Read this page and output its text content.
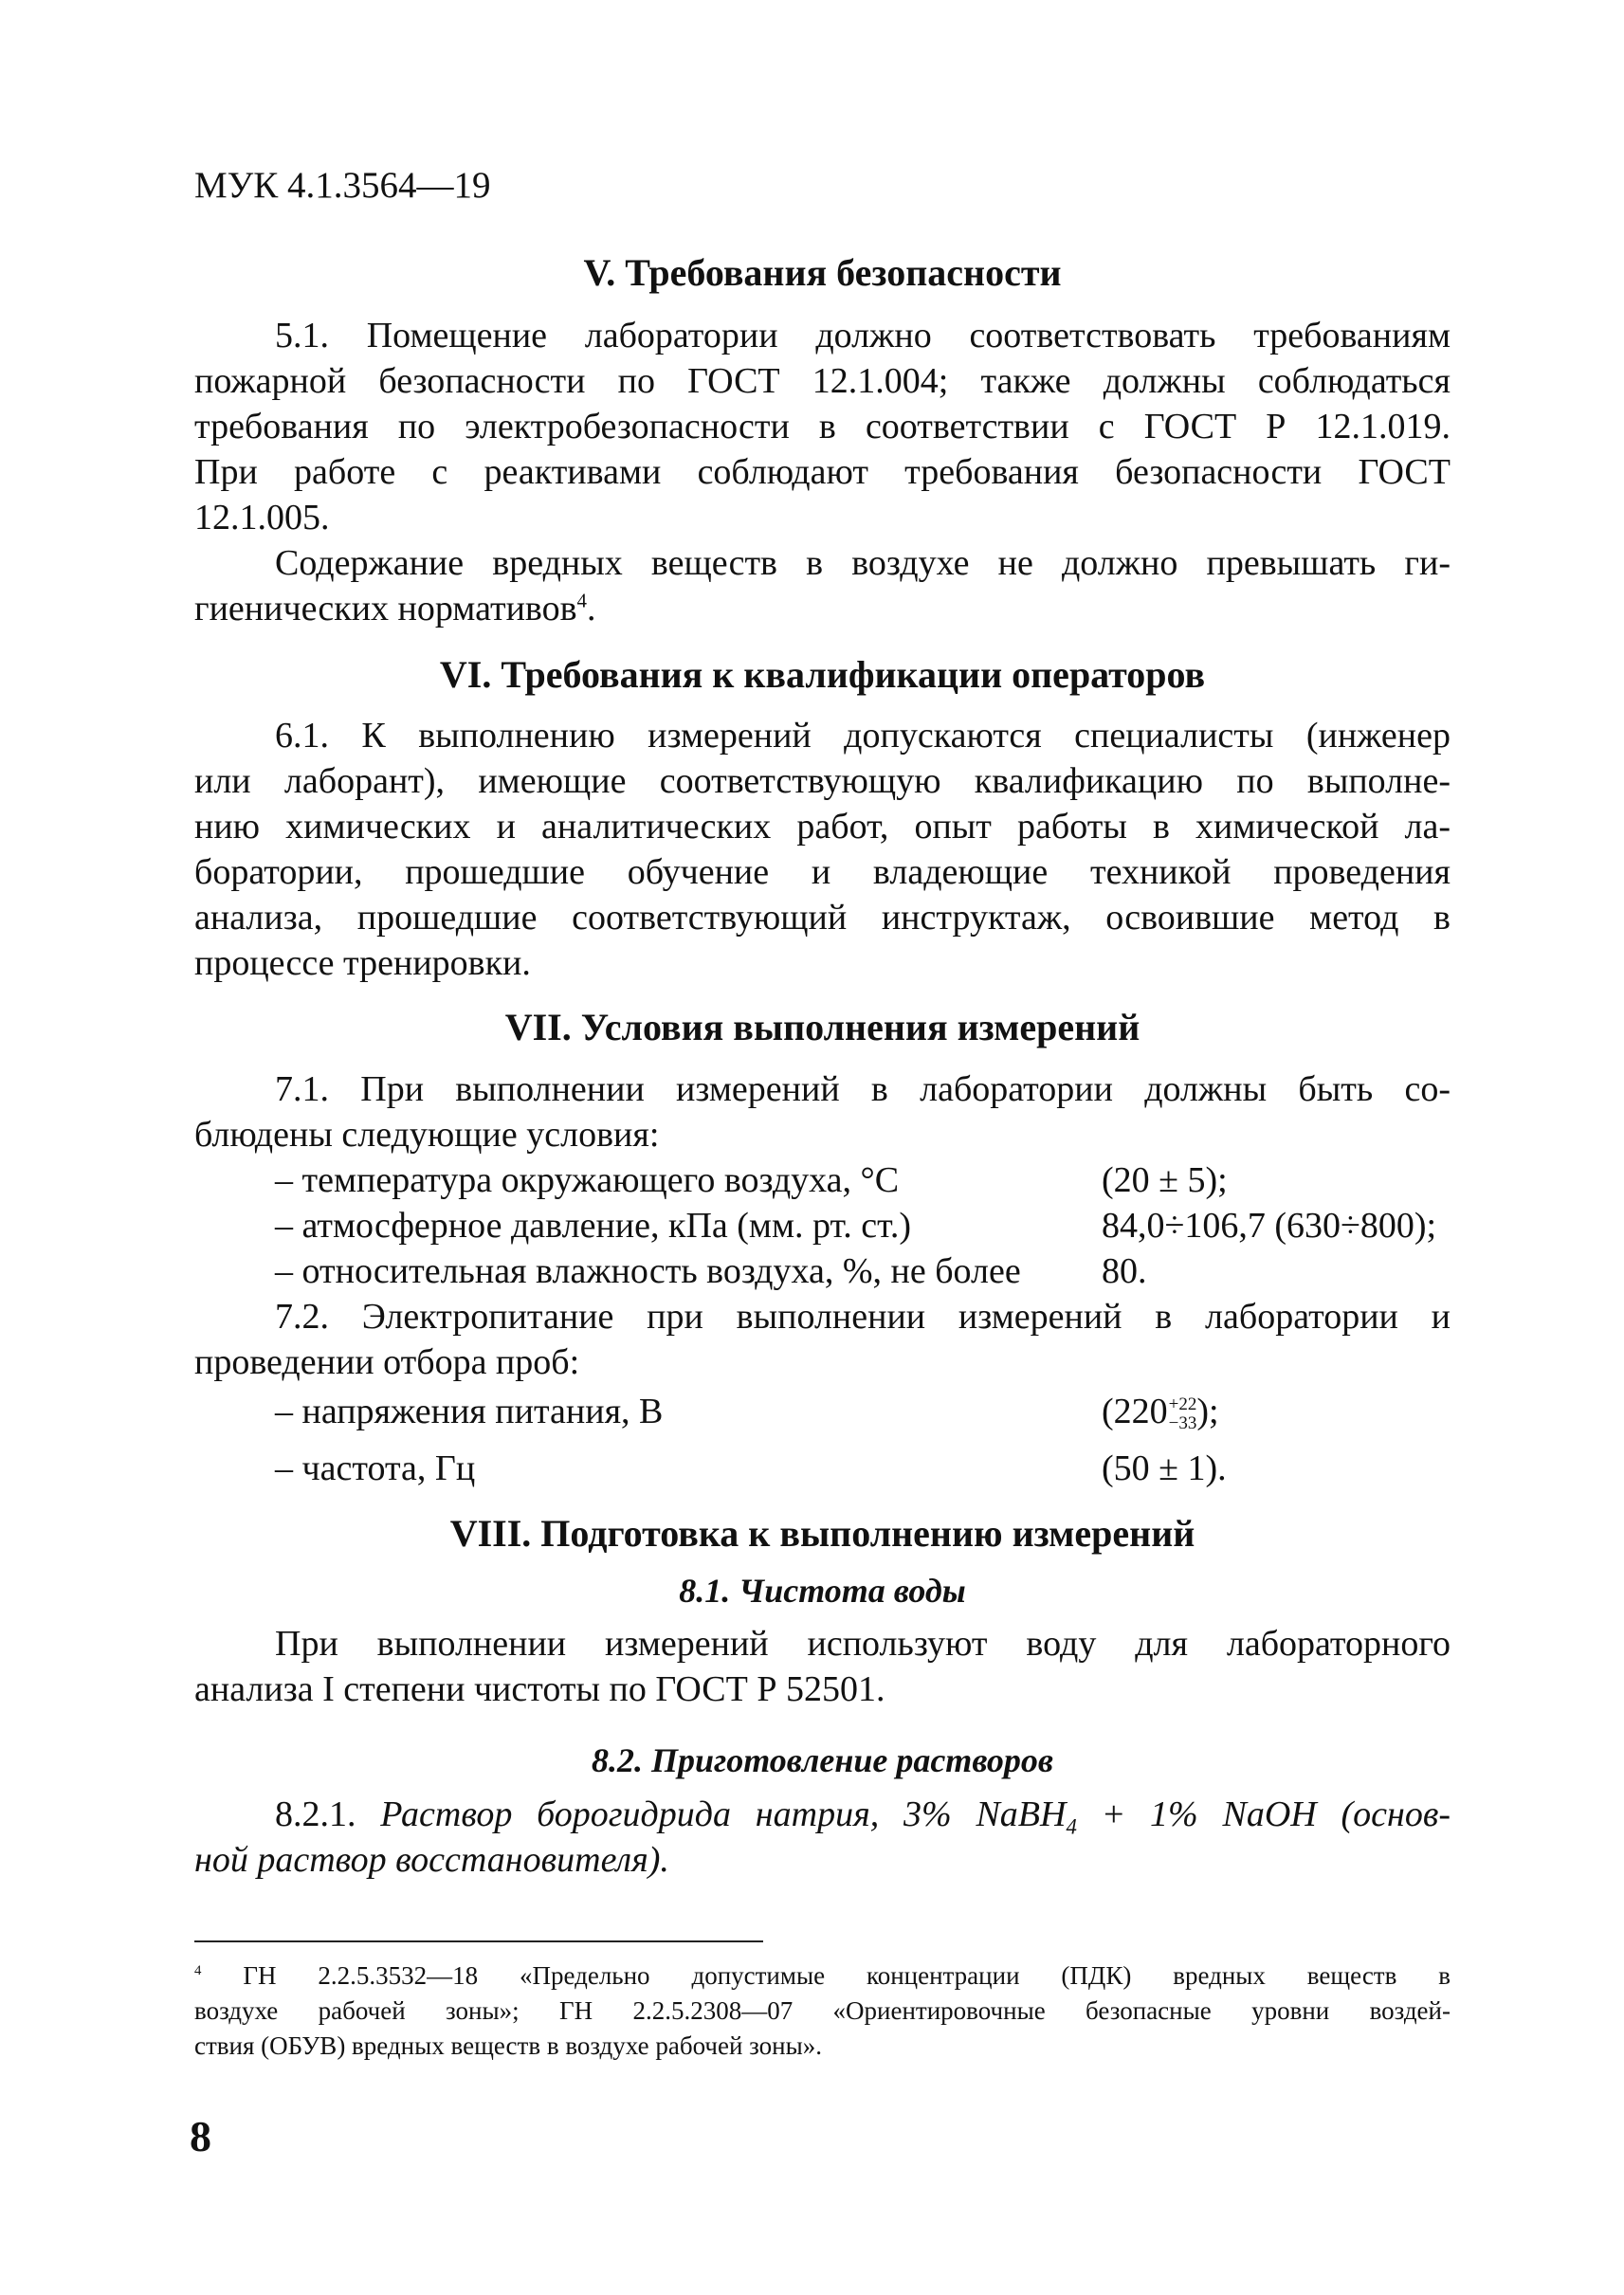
МУК 4.1.3564—19
V. Требования безопасности
5.1. Помещение лаборатории должно соответствовать требованиям
пожарной безопасности по ГОСТ 12.1.004; также должны соблюдаться
требования по электробезопасности в соответствии с ГОСТ Р 12.1.019.
При работе с реактивами соблюдают требования безопасности ГОСТ
12.1.005.
Содержание вредных веществ в воздухе не должно превышать ги-
гиенических нормативов$^4$.
VI. Требования к квалификации операторов
6.1. К выполнению измерений допускаются специалисты (инженер
или лаборант), имеющие соответствующую квалификацию по выполне-
нию химических и аналитических работ, опыт работы в химической ла-
боратории, прошедшие обучение и владеющие техникой проведения
анализа, прошедшие соответствующий инструктаж, освоившие метод в
процессе тренировки.
VII. Условия выполнения измерений
7.1. При выполнении измерений в лаборатории должны быть со-
блюдены следующие условия:
– температура окружающего воздуха, °С	(20 ± 5);
– атмосферное давление, кПа (мм. рт. ст.)	84,0÷106,7 (630÷800);
– относительная влажность воздуха, %, не более 80.
7.2. Электропитание при выполнении измерений в лаборатории и
проведении отбора проб:
– напряжения питания, В	(220 +22
−33 );
– частота, Гц	(50 ± 1).
VIII. Подготовка к выполнению измерений
8.1. Чистота воды
При выполнении измерений используют воду для лабораторного
анализа I степени чистоты по ГОСТ Р 52501.
8.2. Приготовление растворов
8.2.1. Раствор борогидрида натрия, 3% NaBH$_4$ + 1% NaOH (основ-
ной раствор восстановителя).
$^4$ ГН 2.2.5.3532—18 «Предельно допустимые концентрации (ПДК) вредных веществ в
воздухе рабочей зоны»; ГН 2.2.5.2308—07 «Ориентировочные безопасные уровни воздей-
ствия (ОБУВ) вредных веществ в воздухе рабочей зоны».
8
